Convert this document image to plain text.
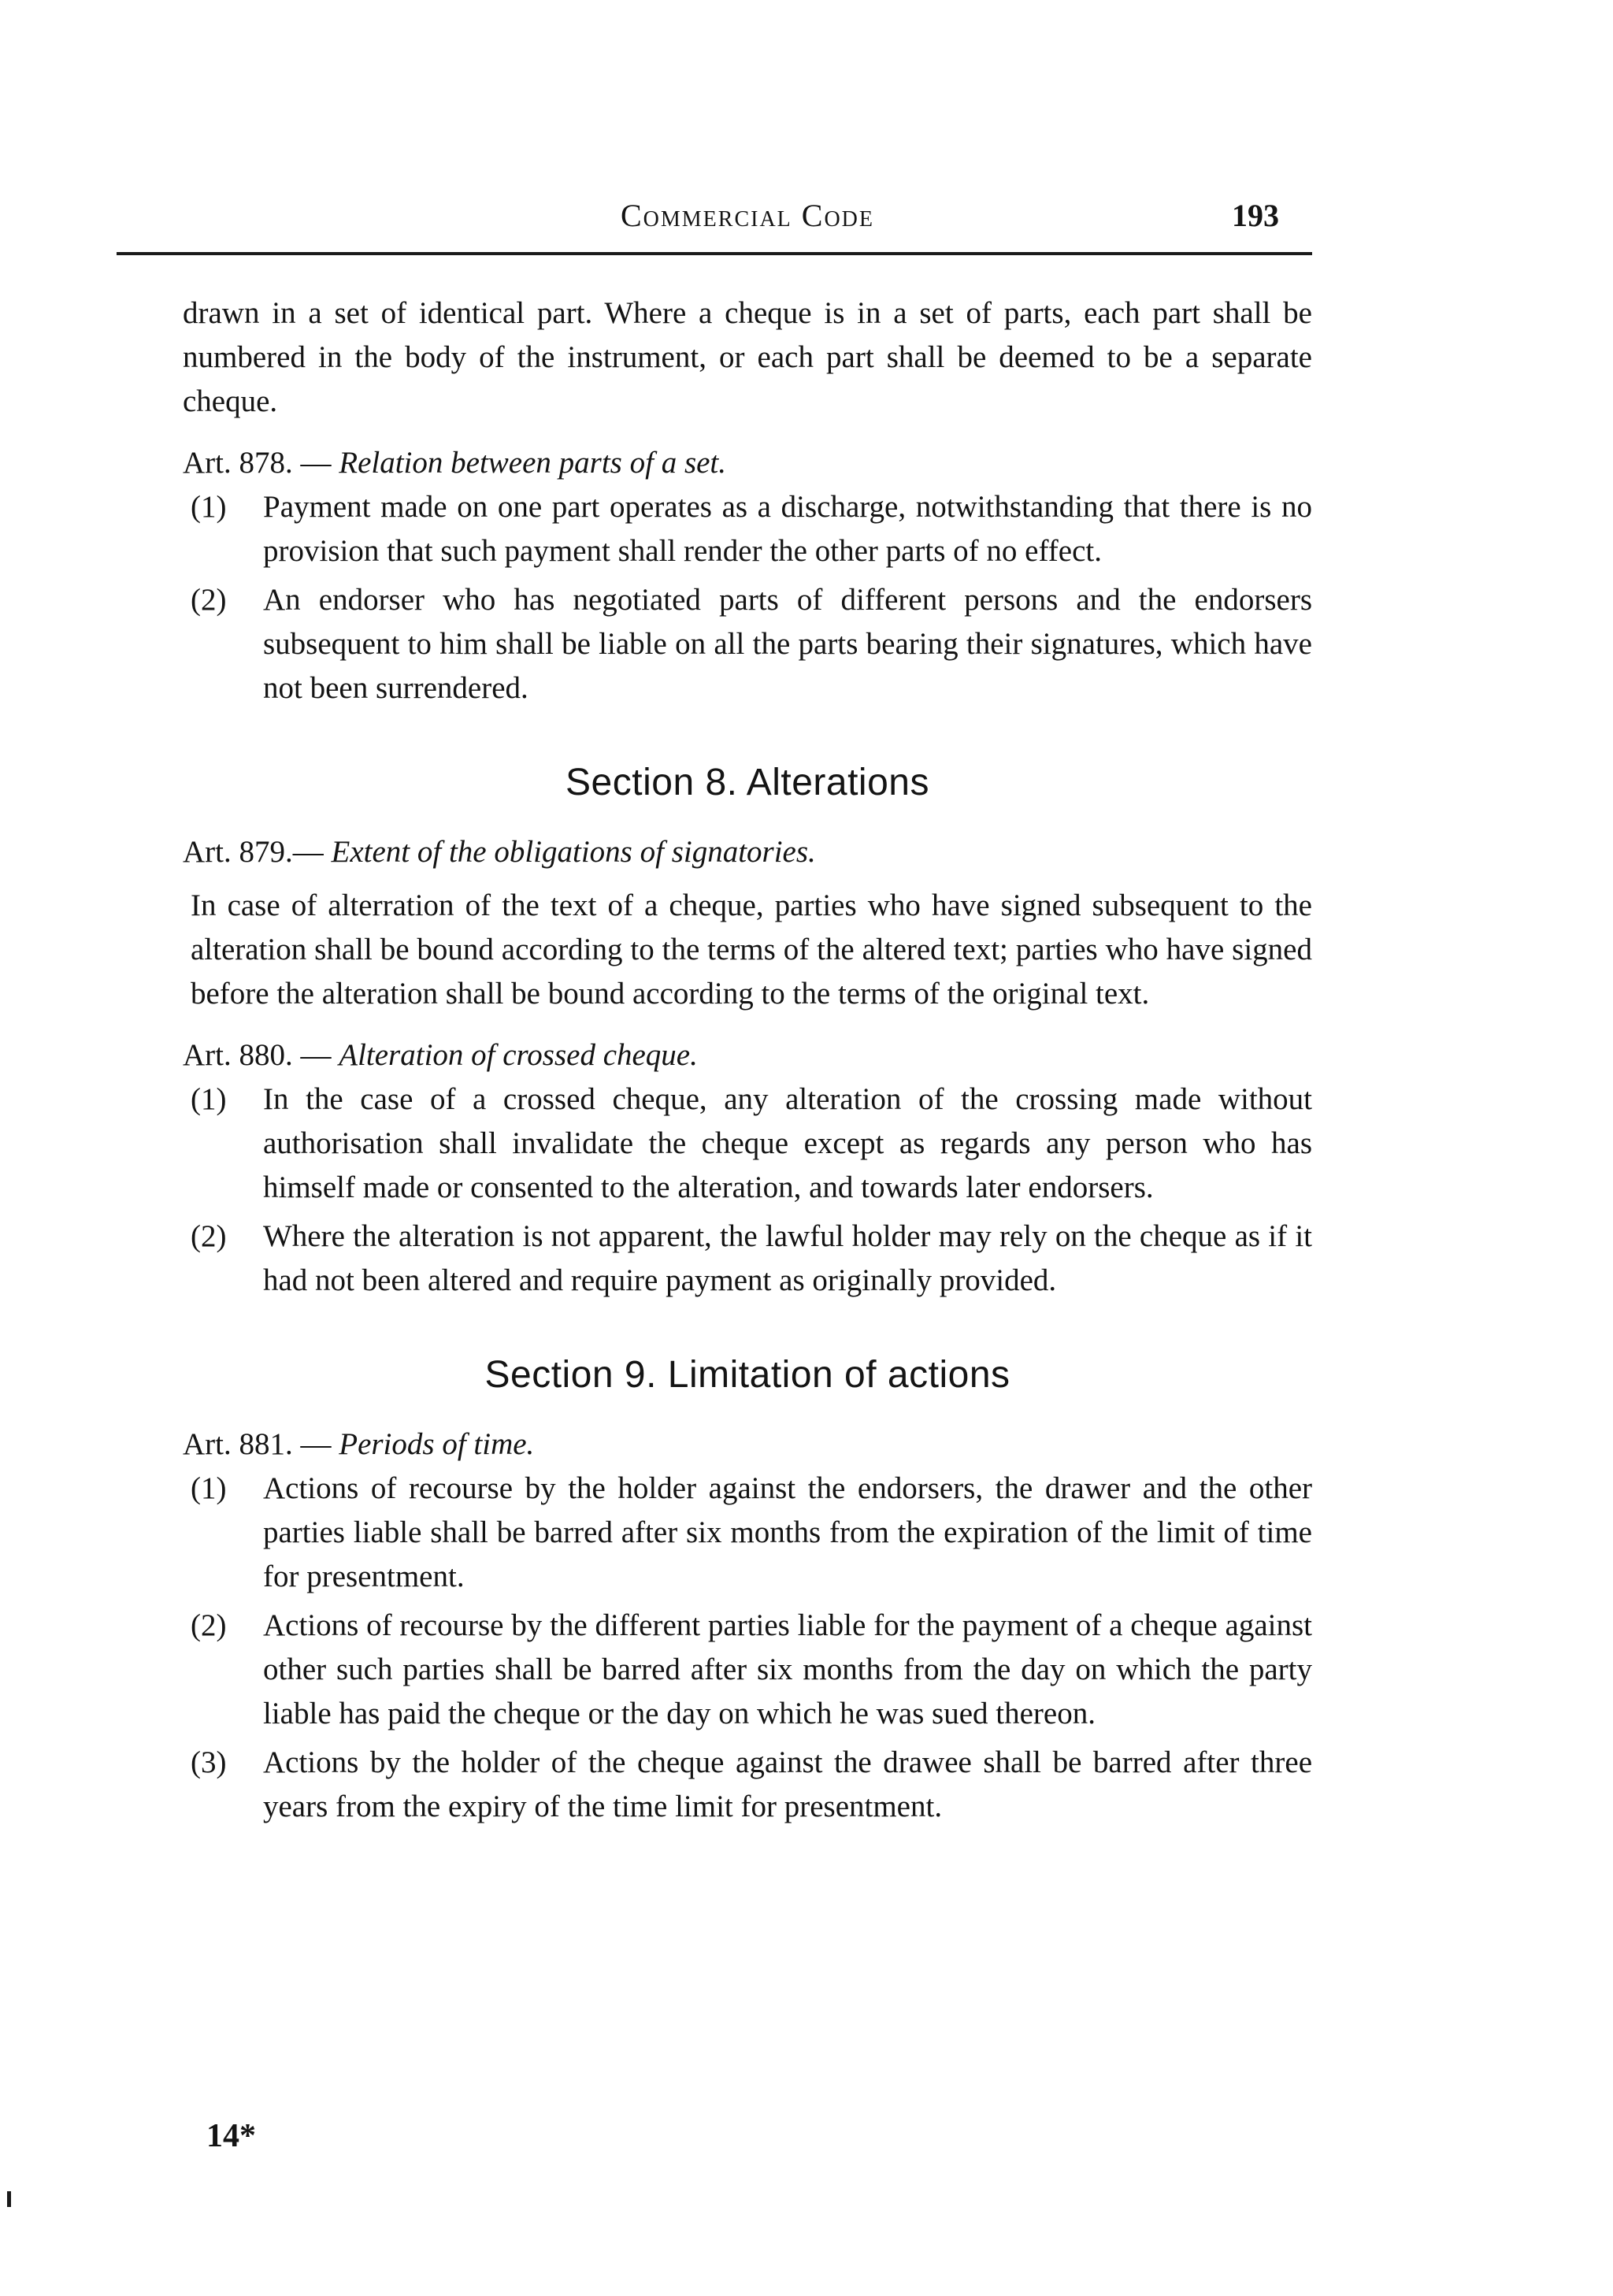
Commercial Code	193

drawn in a set of identical part. Where a cheque is in a set of parts, each part shall be numbered in the body of the instrument, or each part shall be deemed to be a separate cheque.

Art. 878. — Relation between parts of a set.
(1) Payment made on one part operates as a discharge, notwithstanding that there is no provision that such payment shall render the other parts of no effect.

(2) An endorser who has negotiated parts of different persons and the endorsers subsequent to him shall be liable on all the parts bearing their signatures, which have not been surrendered.

Section 8. Alterations
Art. 879.— Extent of the obligations of signatories.

In case of alterration of the text of a cheque, parties who have signed subsequent to the alteration shall be bound according to the terms of the altered text; parties who have signed before the alteration shall be bound according to the terms of the original text.

Art. 880. — Alteration of crossed cheque.
(1) In the case of a crossed cheque, any alteration of the crossing made without authorisation shall invalidate the cheque except as regards any person who has himself made or consented to the alteration, and towards later endorsers.

(2) Where the alteration is not apparent, the lawful holder may rely on the cheque as if it had not been altered and require payment as originally provided.

Section 9. Limitation of actions
Art. 881. — Periods of time.
(1) Actions of recourse by the holder against the endorsers, the drawer and the other parties liable shall be barred after six months from the expiration of the limit of time for presentment.

(2) Actions of recourse by the different parties liable for the payment of a cheque against other such parties shall be barred after six months from the day on which the party liable has paid the cheque or the day on which he was sued thereon.

(3) Actions by the holder of the cheque against the drawee shall be barred after three years from the expiry of the time limit for presentment.

14*
